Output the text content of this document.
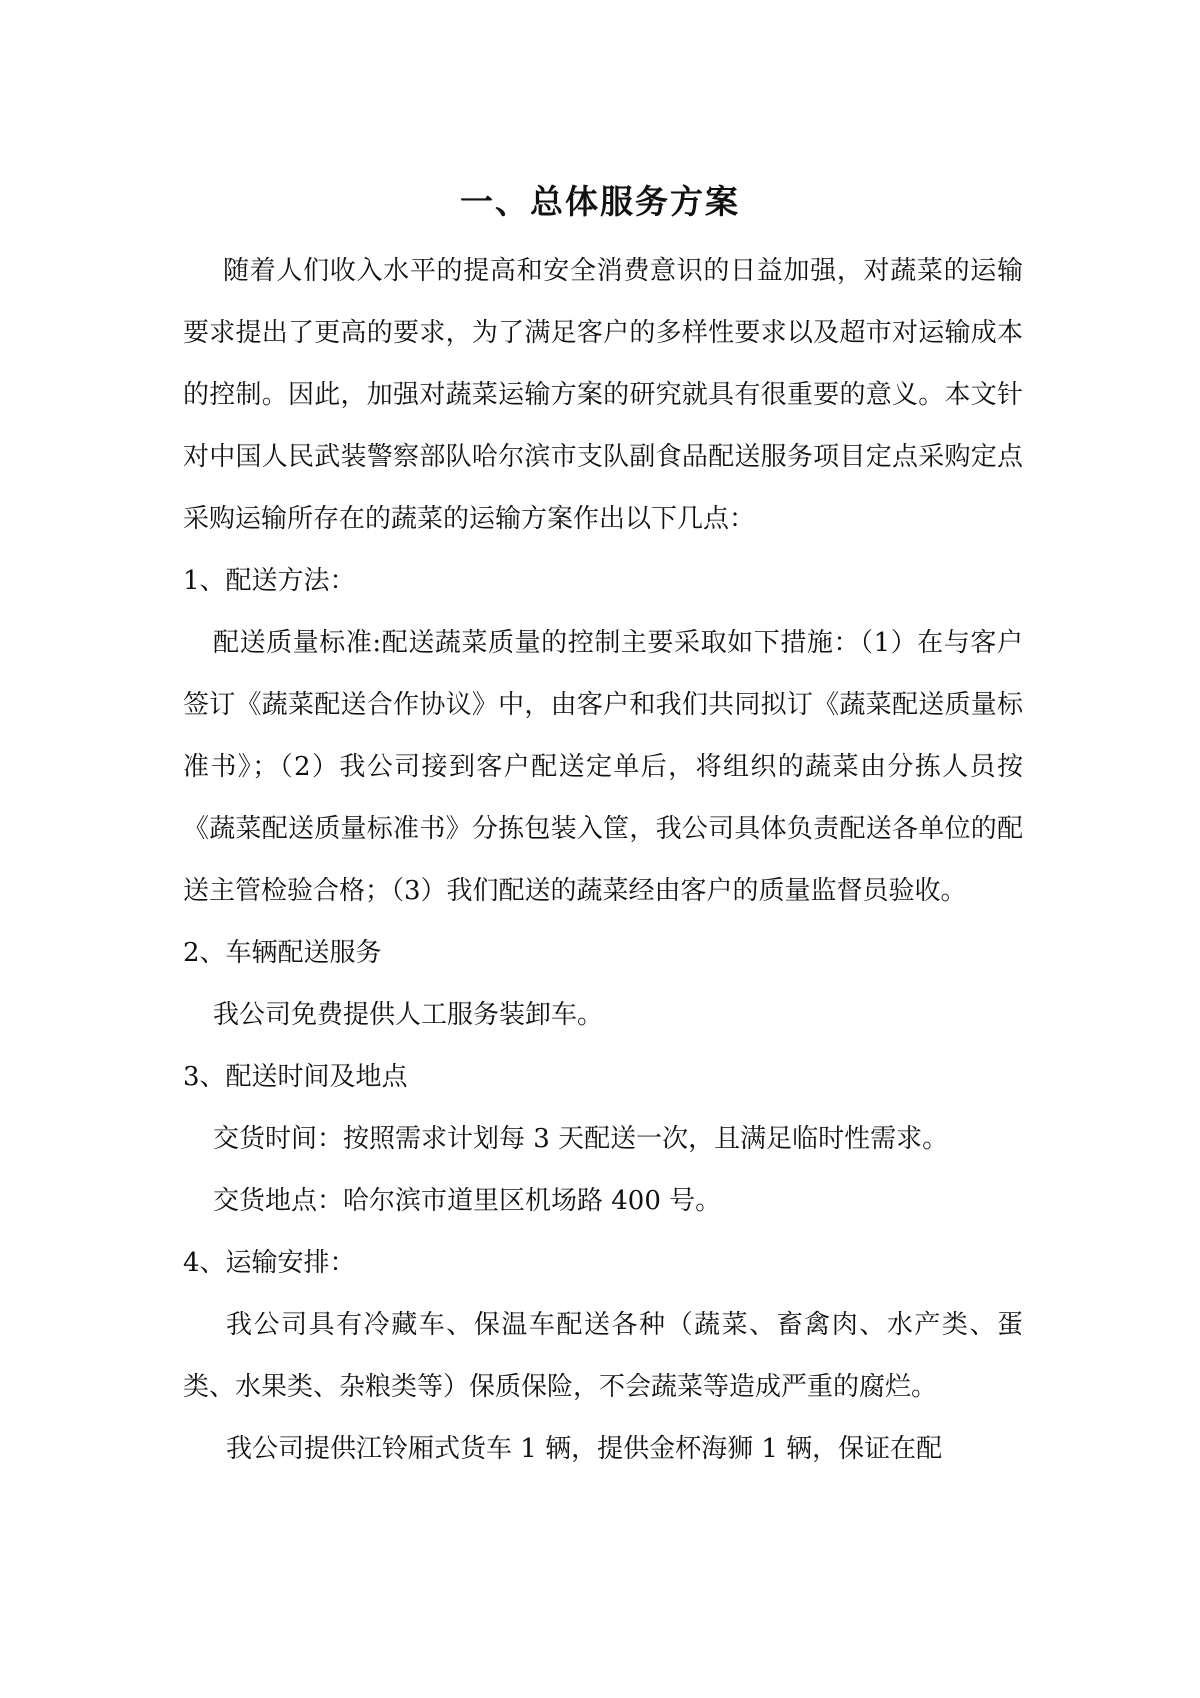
一、总体服务方案

随着人们收入水平的提高和安全消费意识的日益加强，对蔬菜的运输要求提出了更高的要求，为了满足客户的多样性要求以及超市对运输成本的控制。因此，加强对蔬菜运输方案的研究就具有很重要的意义。本文针对中国人民武装警察部队哈尔滨市支队副食品配送服务项目定点采购定点采购运输所存在的蔬菜的运输方案作出以下几点：

1、配送方法：

配送质量标准:配送蔬菜质量的控制主要采取如下措施：（1）在与客户签订《蔬菜配送合作协议》中，由客户和我们共同拟订《蔬菜配送质量标准书》；（2）我公司接到客户配送定单后，将组织的蔬菜由分拣人员按《蔬菜配送质量标准书》分拣包装入筐，我公司具体负责配送各单位的配送主管检验合格；（3）我们配送的蔬菜经由客户的质量监督员验收。

2、车辆配送服务

我公司免费提供人工服务装卸车。

3、配送时间及地点

交货时间：按照需求计划每 3 天配送一次，且满足临时性需求。

交货地点：哈尔滨市道里区机场路 400 号。

4、运输安排：

我公司具有冷藏车、保温车配送各种（蔬菜、畜禽肉、水产类、蛋类、水果类、杂粮类等）保质保险，不会蔬菜等造成严重的腐烂。

我公司提供江铃厢式货车 1 辆，提供金杯海狮 1 辆，保证在配
